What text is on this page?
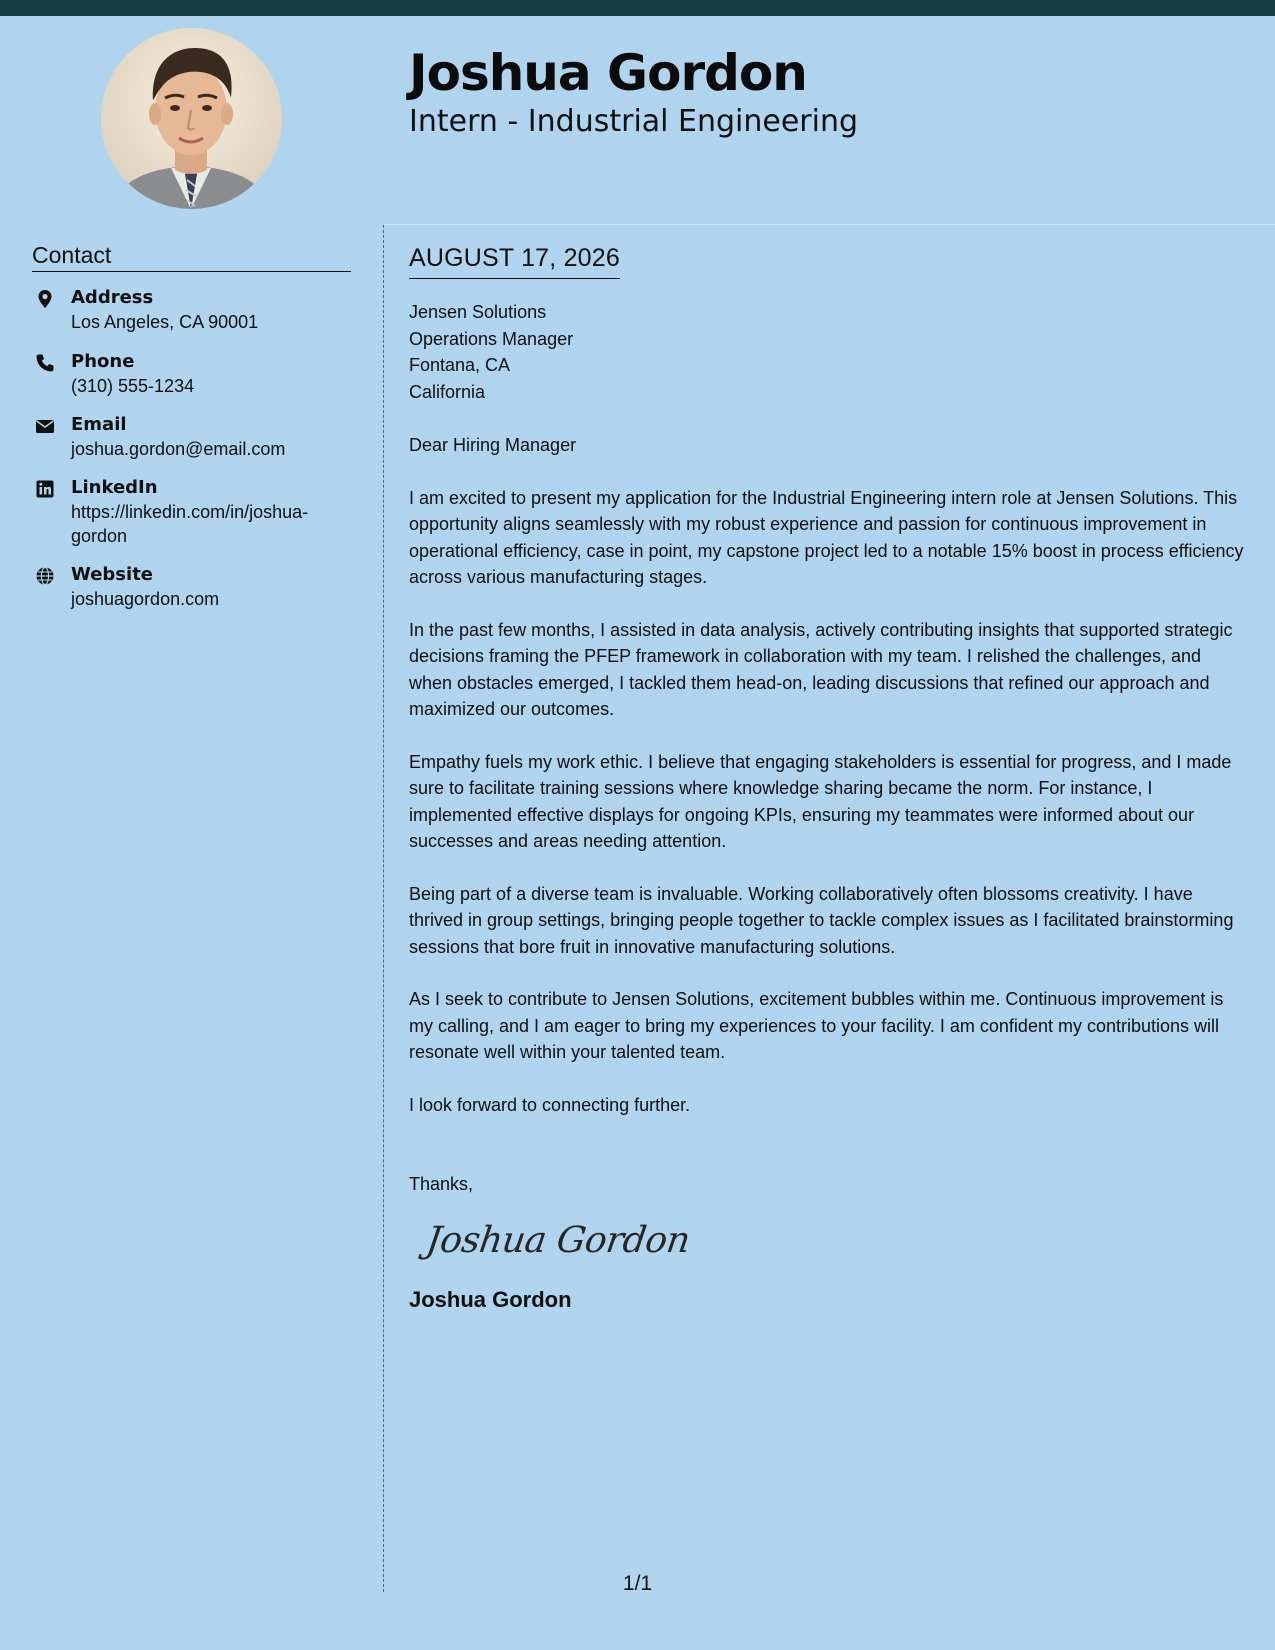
Joshua Gordon
Intern - Industrial Engineering
Contact
Address
Los Angeles, CA 90001
Phone
(310) 555-1234
Email
joshua.gordon@email.com
LinkedIn
https://linkedin.com/in/joshua-gordon
Website
joshuagordon.com
AUGUST 17, 2026
Jensen Solutions
Operations Manager
Fontana, CA
California
Dear Hiring Manager
I am excited to present my application for the Industrial Engineering intern role at Jensen Solutions. This opportunity aligns seamlessly with my robust experience and passion for continuous improvement in operational efficiency, case in point, my capstone project led to a notable 15% boost in process efficiency across various manufacturing stages.
In the past few months, I assisted in data analysis, actively contributing insights that supported strategic decisions framing the PFEP framework in collaboration with my team. I relished the challenges, and when obstacles emerged, I tackled them head-on, leading discussions that refined our approach and maximized our outcomes.
Empathy fuels my work ethic. I believe that engaging stakeholders is essential for progress, and I made sure to facilitate training sessions where knowledge sharing became the norm. For instance, I implemented effective displays for ongoing KPIs, ensuring my teammates were informed about our successes and areas needing attention.
Being part of a diverse team is invaluable. Working collaboratively often blossoms creativity. I have thrived in group settings, bringing people together to tackle complex issues as I facilitated brainstorming sessions that bore fruit in innovative manufacturing solutions.
As I seek to contribute to Jensen Solutions, excitement bubbles within me. Continuous improvement is my calling, and I am eager to bring my experiences to your facility. I am confident my contributions will resonate well within your talented team.
I look forward to connecting further.
Thanks,
Joshua Gordon
Joshua Gordon
1/1
